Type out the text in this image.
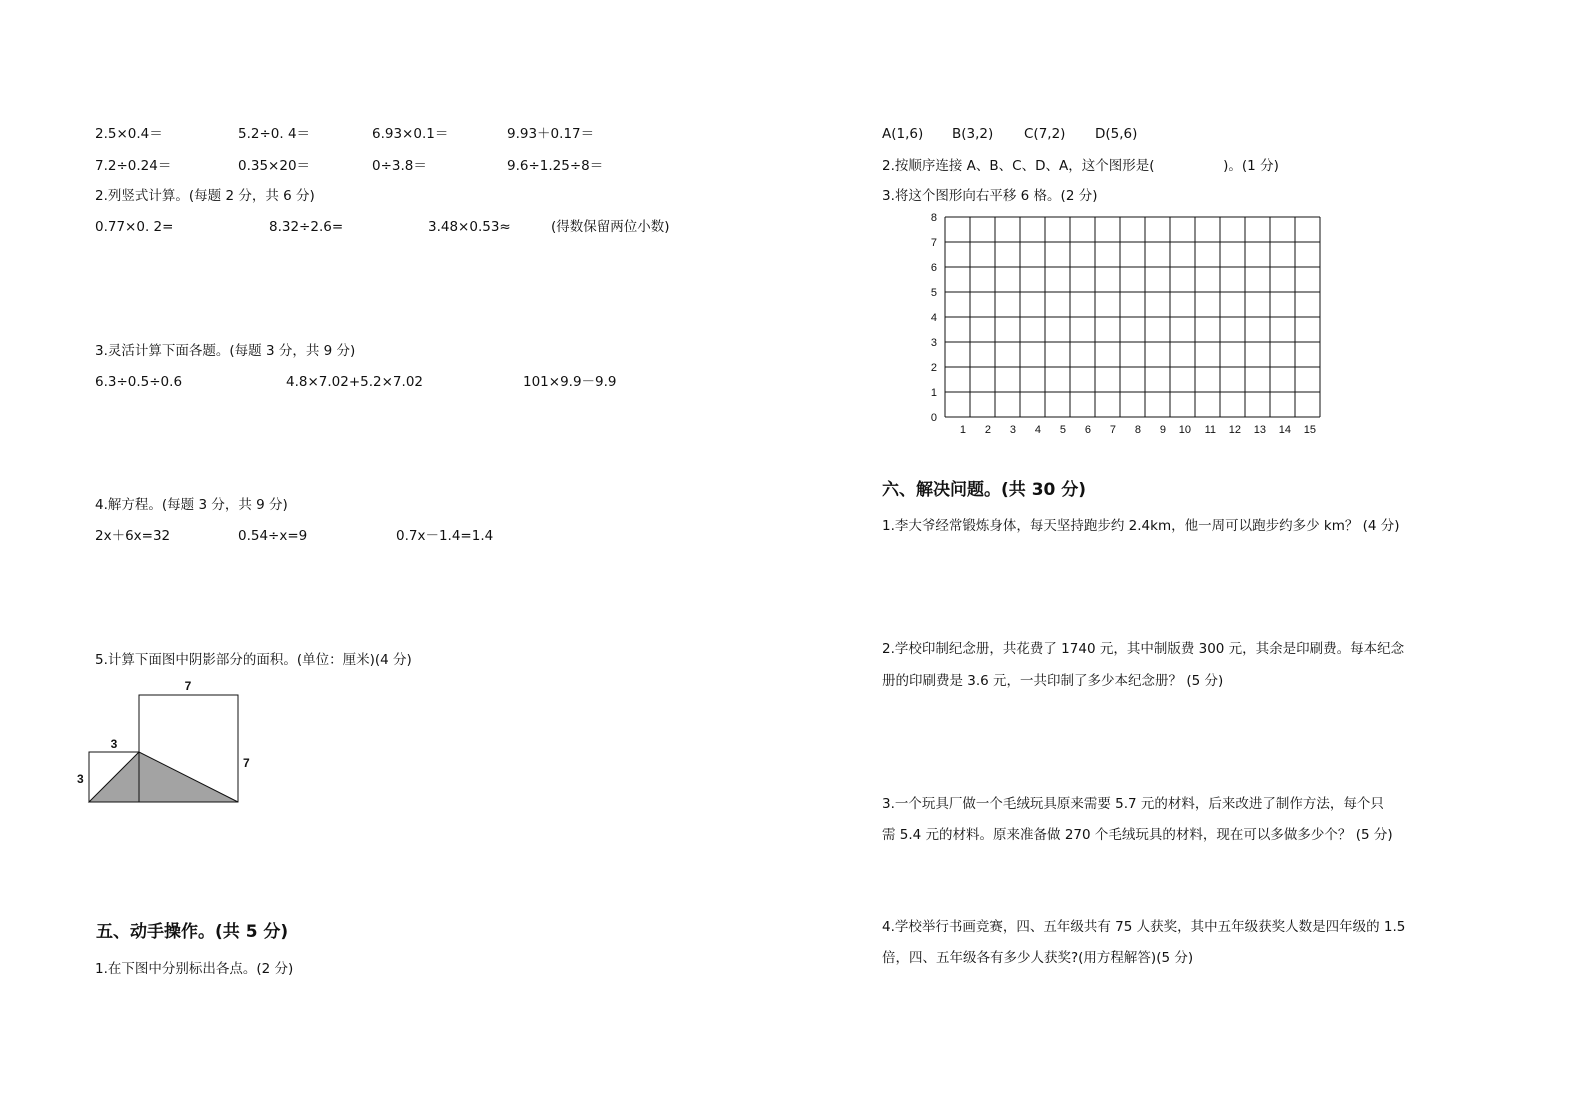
2.5×0.4＝	5.2÷0. 4＝	6.93×0.1＝	9.93＋0.17＝
7.2÷0.24＝	0.35×20＝	0÷3.8＝	9.6÷1.25÷8＝
2.列竖式计算。(每题 2 分，共 6 分)
0.77×0. 2=	8.32÷2.6=	3.48×0.53≈	(得数保留两位小数)
3.灵活计算下面各题。(每题 3 分，共 9 分)
6.3÷0.5÷0.6	4.8×7.02+5.2×7.02	101×9.9－9.9
4.解方程。(每题 3 分，共 9 分)
2x＋6x=32	0.54÷x=9	0.7x－1.4=1.4
5.计算下面图中阴影部分的面积。(单位：厘米)(4 分)
7
7
3
3
五、动手操作。(共 5 分)
1.在下图中分别标出各点。(2 分)
A(1,6) B(3,2) C(7,2) D(5,6)
2.按顺序连接 A、B、C、D、A，这个图形是(                )。(1 分)
3.将这个图形向右平移 6 格。(2 分)
0
1
2
3
4
5
6
7
8
1 2 3 4 5 6 7 8 9 10 11 12 13 14 15
六、解决问题。(共 30 分)
1.李大爷经常锻炼身体，每天坚持跑步约 2.4km，他一周可以跑步约多少 km？ (4 分)
2.学校印制纪念册，共花费了 1740 元，其中制版费 300 元，其余是印刷费。每本纪念
册的印刷费是 3.6 元，一共印制了多少本纪念册？ (5 分)
3.一个玩具厂做一个毛绒玩具原来需要 5.7 元的材料，后来改进了制作方法，每个只
需 5.4 元的材料。原来准备做 270 个毛绒玩具的材料，现在可以多做多少个？ (5 分)
4.学校举行书画竞赛，四、五年级共有 75 人获奖，其中五年级获奖人数是四年级的 1.5
倍，四、五年级各有多少人获奖?(用方程解答)(5 分)
